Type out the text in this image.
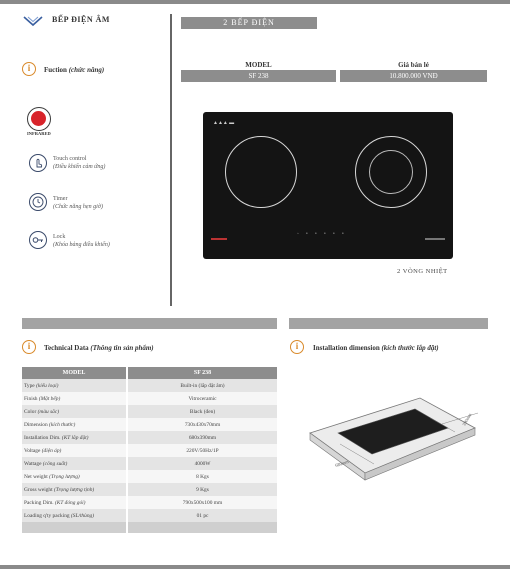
BẾP ĐIỆN ÂM	2 BẾP ĐIỆN
i	Fuction (chức năng)
INFRARED
Touch control
(Điều khiển cảm ứng)
Timer
(Chức năng hẹn giờ)
Lock
(Khóa bảng điều khiển)
MODEL
SF 238
Giá bán lẻ
10.800.000 VNĐ
▲▲▲ ▬
◦ • • • • •
2 VÒNG NHIỆT
i	Technical Data (Thông tin sản phẩm)	i	Installation dimension (kích thước lắp đặt)
MODEL	SF 238
Type (kiểu loại)	Built-in (lắp đặt âm)
Finish (Mặt bếp)	Vitroceramic
Color (màu sắc)	Black (đen)
Dimension (kích thước)	730x430x70mm
Installation Dim. (KT lắp đặt)	680x390mm
Voltage (điện áp)	220V/50Hz/1P
Wattage (công suất)	4000W
Net weight (Trọng lượng)	8 Kgs
Gross weight (Trọng lượng tịnh)	9 Kgs
Packing Dim. (KT đóng gói)	790x500x100 mm
Loading q'ty packing (SL/thùng)	01 pc

680mm
390mm
